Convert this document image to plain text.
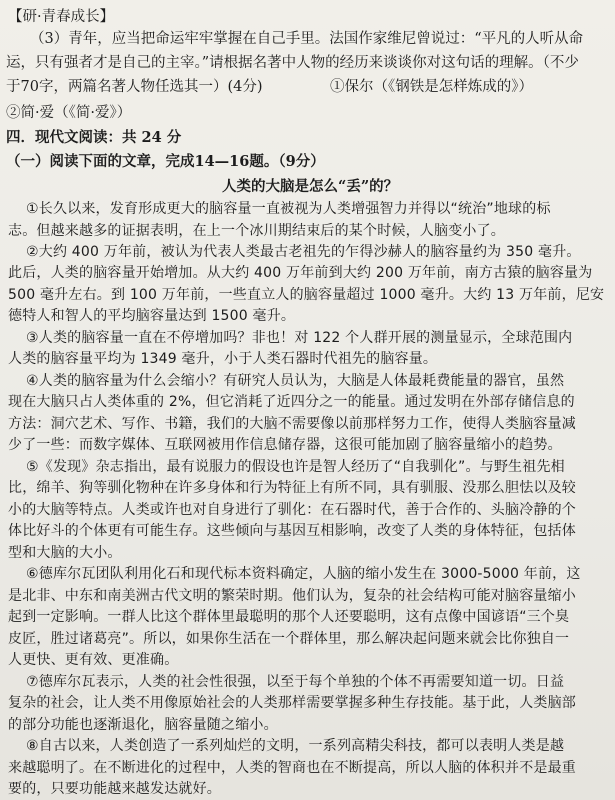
【研·青春成长】
（3）青年，应当把命运牢牢掌握在自己手里。法国作家维尼曾说过：“平凡的人听从命
运，只有强者才是自己的主宰。”请根据名著中人物的经历来谈谈你对这句话的理解。（不少
于70字，两篇名著人物任选其一）(4分)	①保尔（《钢铁是怎样炼成的》）
②简·爱（《简·爱》）
四．现代文阅读：共 24 分
（一）阅读下面的文章，完成14—16题。（9分）
人类的大脑是怎么“丢”的？
①长久以来，发育形成更大的脑容量一直被视为人类增强智力并得以“统治”地球的标
志。但越来越多的证据表明，在上一个冰川期结束后的某个时候，人脑变小了。
②大约 400 万年前，被认为代表人类最古老祖先的乍得沙赫人的脑容量约为 350 毫升。
此后，人类的脑容量开始增加。从大约 400 万年前到大约 200 万年前，南方古猿的脑容量为
500 毫升左右。到 100 万年前，一些直立人的脑容量超过 1000 毫升。大约 13 万年前，尼安
德特人和智人的平均脑容量达到 1500 毫升。
③人类的脑容量一直在不停增加吗？非也！对 122 个人群开展的测量显示，全球范围内
人类的脑容量平均为 1349 毫升，小于人类石器时代祖先的脑容量。
④人类的脑容量为什么会缩小？有研究人员认为，大脑是人体最耗费能量的器官，虽然
现在大脑只占人类体重的 2%，但它消耗了近四分之一的能量。通过发明在外部存储信息的
方法：洞穴艺术、写作、书籍，我们的大脑不需要像以前那样努力工作，使得人类脑容量减
少了一些：而数字媒体、互联网被用作信息储存器，这很可能加剧了脑容量缩小的趋势。
⑤《发现》杂志指出，最有说服力的假设也许是智人经历了“自我驯化”。与野生祖先相
比，绵羊、狗等驯化物种在许多身体和行为特征上有所不同，具有驯服、没那么胆怯以及较
小的大脑等特点。人类或许也对自身进行了驯化：在石器时代，善于合作的、头脑冷静的个
体比好斗的个体更有可能生存。这些倾向与基因互相影响，改变了人类的身体特征，包括体
型和大脑的大小。
⑥德库尔瓦团队利用化石和现代标本资料确定，人脑的缩小发生在 3000-5000 年前，这
是北非、中东和南美洲古代文明的繁荣时期。他们认为，复杂的社会结构可能对脑容量缩小
起到一定影响。一群人比这个群体里最聪明的那个人还要聪明，这有点像中国谚语“三个臭
皮匠，胜过诸葛亮”。所以，如果你生活在一个群体里，那么解决起问题来就会比你独自一
人更快、更有效、更准确。
⑦德库尔瓦表示，人类的社会性很强，以至于每个单独的个体不再需要知道一切。日益
复杂的社会，让人类不用像原始社会的人类那样需要掌握多种生存技能。基于此，人类脑部
的部分功能也逐渐退化，脑容量随之缩小。
⑧自古以来，人类创造了一系列灿烂的文明，一系列高精尖科技，都可以表明人类是越
来越聪明了。在不断进化的过程中，人类的智商也在不断提高，所以人脑的体积并不是最重
要的，只要功能越来越发达就好。
